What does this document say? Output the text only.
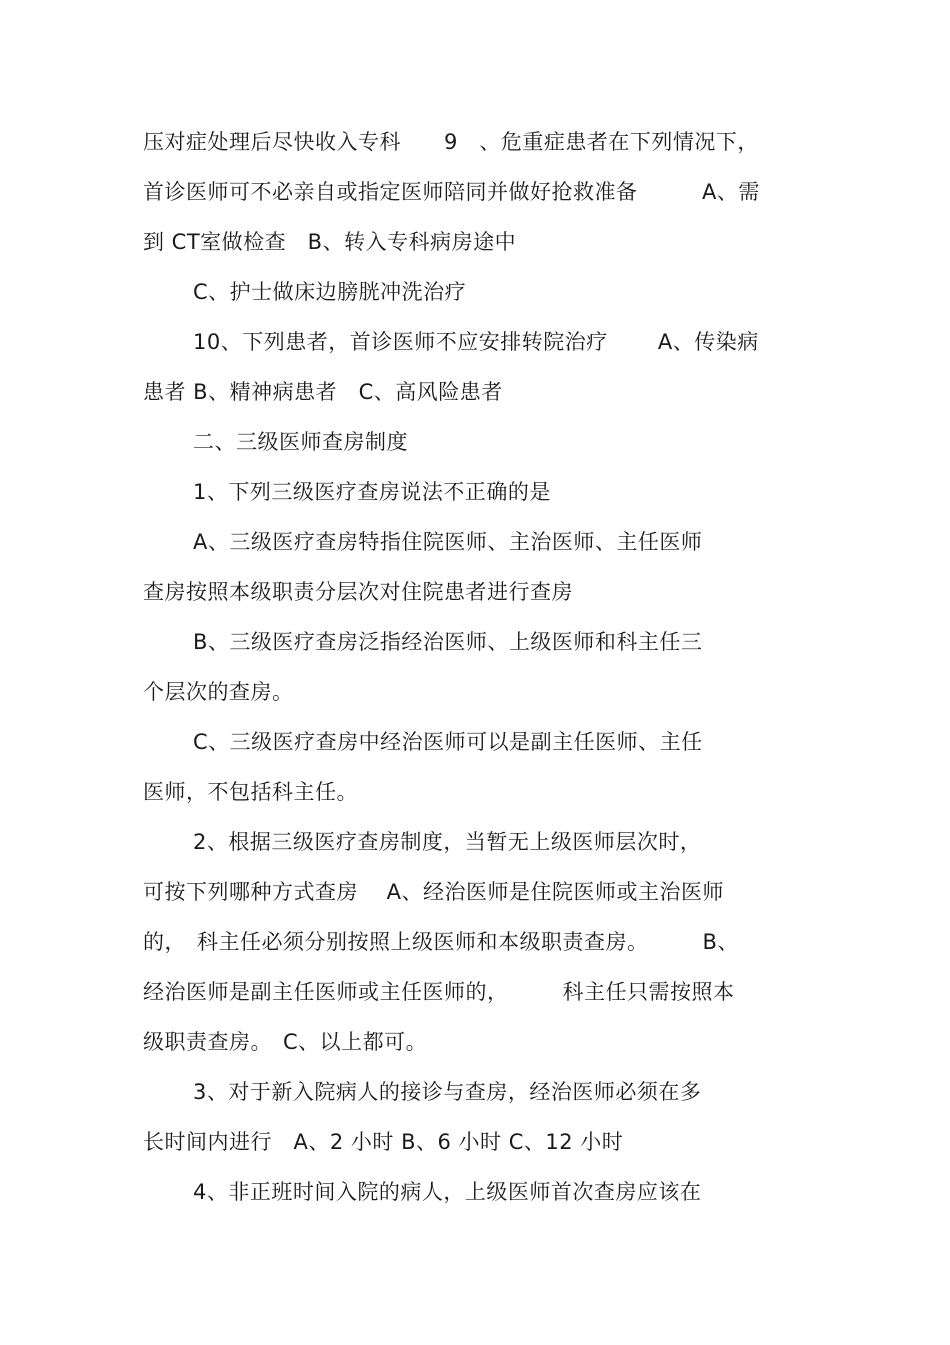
压对症处理后尽快收入专科　　9　、危重症患者在下列情况下，
首诊医师可不必亲自或指定医师陪同并做好抢救准备　　　A、需
到 CT室做检查　B、转入专科病房途中
C、护士做床边膀胱冲洗治疗
10、下列患者，首诊医师不应安排转院治疗　　 A、传染病
患者 B、精神病患者　C、高风险患者
二、三级医师查房制度
1、下列三级医疗查房说法不正确的是
A、三级医疗查房特指住院医师、主治医师、主任医师
查房按照本级职责分层次对住院患者进行查房
B、三级医疗查房泛指经治医师、上级医师和科主任三
个层次的查房。
C、三级医疗查房中经治医师可以是副主任医师、主任
医师，不包括科主任。
2、根据三级医疗查房制度，当暂无上级医师层次时，
可按下列哪种方式查房　 A、经治医师是住院医师或主治医师
的，　科主任必须分别按照上级医师和本级职责查房。　　　B、
经治医师是副主任医师或主任医师的，　　　科主任只需按照本
级职责查房。　C、以上都可。
3、对于新入院病人的接诊与查房，经治医师必须在多
长时间内进行　A、2 小时 B、6 小时 C、12 小时
4、非正班时间入院的病人，上级医师首次查房应该在
